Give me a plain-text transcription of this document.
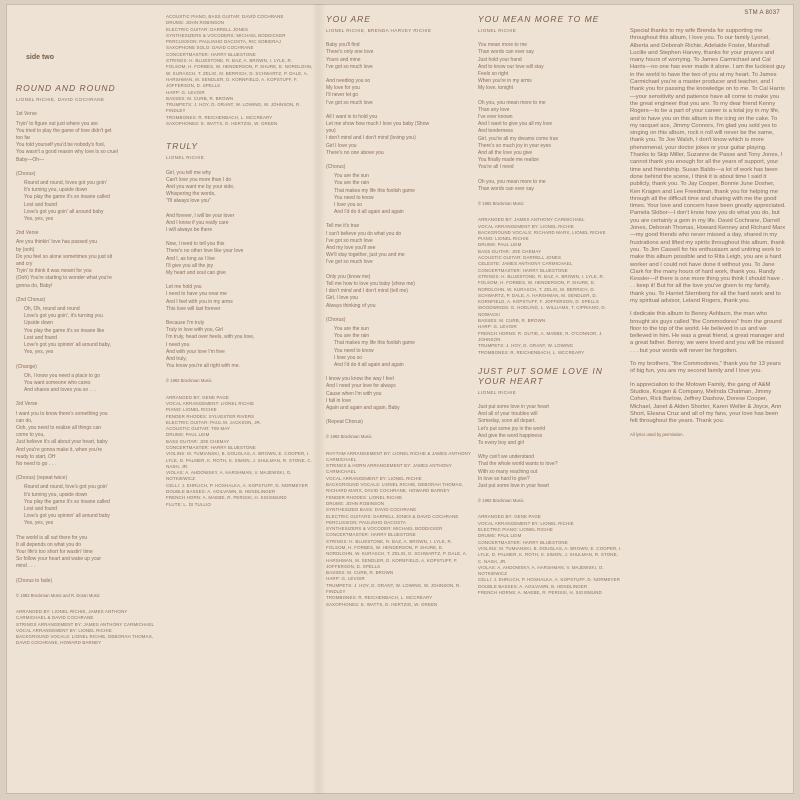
STM A 8037
side two
ROUND AND ROUND
LIONEL RICHIE, DAVID COCHRANE
1st Verse
Tryin' to figure out just where you are
You tried to play the game of love didn't get
too far
You told yourself you'd be nobody's fool,
You wasn't a good reason why love is so cruel
Baby—Oh—
(Chorus)
Round and round, loves got you goin'
It's turning you, upside down
You play the game it's so insane called
Lost and found
Love's got you goin' all around baby
Yes, yes, yes
2nd Verse
Are you thinkin' love has passed you
by (ooh)
Do you feel so alone sometimes you just sit
and cry
Tryin' to think it was meant for you
(Ooh) You're starting to wonder what you're
gonna do, Baby!
(2nd Chorus)
Oh, Oh, round and round
Love's got you goin', it's turning you
Upside down
You play the game it's so insane like
Lost and found
Love's got you spinnin' all around baby,
Yes, yes, yes
(Change)
Oh, I know you need a place to go
You want someone who cares
And shares and loves you so . . .
3rd Verse
I want you to know there's something you
can do,
Ooh, you need to realize all things can
come to you,
Just believe it's all about your heart, baby
And you're gonna make it, when you're
ready to start, OH
No need to go . . .
(Chorus) (repeat twice)
Round and round, love's got you goin'
It's turning you, upside down
You play the game it's so insane called
Lost and found
Love's got you spinnin' all around baby
Yes, yes, yes
The world is all out there for you
It all depends on what you do
Your life's too short for wastin' time
So follow your heart and wake up your
mind . . .
(Chorus to fade)
© 1982 Brockman Music and R. Doran Music
ARRANGED BY: LIONEL RICHIE, JAMES ANTHONY CARMICHAEL & DAVID COCHRANE
STRINGS ARRANGEMENT BY: JAMES ANTHONY CARMICHAEL
VOCAL ARRANGEMENT BY: LIONEL RICHIE
BACKGROUND VOCALS: LIONEL RICHIE, DEBORAH THOMAS, DAVID COCHRANE, HOWARD BARNEY
ACOUSTIC PIANO, BASS GUITAR: DAVID COCHRANE
DRUMS: JOHN ROBINSON
ELECTRIC GUITAR: DARRELL JONES
SYNTHESIZERS & VOCODERS: MICHAEL BODDICKER
PERCUSSION: PAULINHO DACOSTA, RIC SOBIERAJ
SAXOPHONE SOLO: DAVID COCHRANE
CONCERTMASTER: HARRY BLUESTONE
STRINGS: H. BLUESTONE, R. BAZ, A. BROWN, I. LYLE, R. FOLSOM, H. FORBES, W. HENDERSON, P. SHURE, E. NORDLOHN, W. KURASCH, T. ZELIG, M. BERRICH, D. SCHWARTZ, P. DALE, A. HARSHMAN, M. SENDLER, D. KORNFIELD, A. KOPSTUFF, F. JOFFERSON, D. SPELLS
HARP: G. LEVOIR
BASSES: M. CURB, R. BROWN
TRUMPETS: J. HOY, D. GRANT, W. LOWING, W. JOHNSON, R. FINDLEY
TROMBONES: R. REICHENBACH, L. MCCREARY
SAXOPHONES: E. WATTS, D. HERTZIG, W. GREEN
TRULY
LIONEL RICHIE
Girl, you tell me why
Can't love you more than I do
And you want me by your side,
Whispering the words,
"I'll always love you"
And forever, I will be your lover
And I know if you really care
I will always be there
Now, I need to tell you this
There's no other love like your love
And I, as long as I live
I'll give you all the joy
My heart and soul can give
Let me hold you
I need to have you near me
And I feel with you in my arms
This love will last forever
Because I'm truly
Truly in love with you, Girl
I'm truly, head over heels, with you love,
I need you
And with your love I'm free
And truly,
You know you're all right with me.
© 1982 Brockman Music
ARRANGED BY: GENE PAGE
VOCAL ARRANGEMENT: LIONEL RICHIE
PIANO: LIONEL RICHIE
FENDER RHODES: SYLVESTER RIVERS
ELECTRIC GUITAR: PAUL M. JACKSON, JR.
ACOUSTIC GUITAR: TIM MAY
DRUMS: PAUL LEIM
BASS GUITAR: JOE CHEMAY
CONCERTMASTER: HARRY BLUESTONE
VIOLINS: M. TUMIANSKI, B. DOUGLAS, A. BROWN, E. COOPER, I. LYLE, D. PALMER, K. ROTH, S. SIMON, J. SHULMAN, R. STONE, C. NASH, JR.
VIOLAS: A. AHDOWSKY, A. HARSHMAN, V. MAJEWSKI, O. NOTKIEWICZ
CELLI: J. EHRLICH, P. HOSHALKA, A. KOPSTUFF, D. NORMEYER
DOUBLE BASSES: A. AGILVAWN, B. HENDLINGER
FRENCH HORN: A. MAEBE, R. PERISSI, H. SIGISMUND
FLUTE: L. DI TULLIO
YOU ARE
LIONEL RICHIE, BRENDA HARVEY RICHIE
Baby you'll find
There's only one love
Yours and mine
I've got so much love
And needing you so
My love for you
I'll never let go
I've got so much love
All I want is to hold you
Let me show how much I love you baby (Show
you)
I don't mind and I don't mind (loving you)
Girl I love you
There's no one above you
(Chorus)
You are the sun
You are the rain
That makes my life this foolish game
You need to know
I love you so
And I'd do it all again and again
Tell me it's true
I can't believe you do what you do
I've got so much love
And my love you'll see
We'll stay together, just you and me
I've got so much love
Only you (know me)
Tell me how to love you baby (show me)
I don't mind and I don't mind (tell me)
Girl, I love you
Always thinking of you
(Chorus)
You are the sun
You are the rain
That makes my life this foolish game
You need to know
I love you so
And I'd do it all again and again
I know you know the way I feel
And I need your love for always
Cause when I'm with you
I fall in love
Again and again and again, Baby
(Repeat Chorus)
© 1982 Brockman Music
RHYTHM ARRANGEMENT BY: LIONEL RICHIE & JAMES ANTHONY CARMICHAEL
STRINGS & HORN ARRANGEMENT BY: JAMES ANTHONY CARMICHAEL
VOCAL ARRANGEMENT BY: LIONEL RICHIE
BACKGROUND VOCALS: LIONEL RICHIE, DEBORAH THOMAS, RICHARD MARX, DAVID COCHRANE, HOWARD BARNEY
FENDER RHODES: LIONEL RICHIE
DRUMS: JOHN ROBINSON
SYNTHESIZED BASS: DAVID COCHRANE
ELECTRIC GUITARS: DARRELL JONES & DAVID COCHRANE
PERCUSSION: PAULINHO DACOSTA
SYNTHESIZERS & VOCODER: MICHAEL BODDICKER
CONCERTMASTER: HARRY BLUESTONE
STRINGS: H. BLUESTONE, R. BAZ, A. BROWN, I. LYLE, R. FOLSOM, H. FORBES, W. HENDERSON, P. SHURE, E. NORDLOHN, W. KURASCH, T. ZELIG, D. SCHWARTZ, P. DALE, A. HARSHMAN, M. SENDLER, D. KORNFIELD, A. KOPSTUFF, F. JOFFERSON, D. SPELLS
BASSES: M. CURB, R. BROWN
HARP: G. LEVOIR
TRUMPETS: J. HOY, D. GRANT, W. LOWING, W. JOHNSON, R. FINDLEY
TROMBONES: R. REICHENBACH, L. MCCREARY
SAXOPHONES: E. WATTS, D. HERTZIG, W. GREEN
YOU MEAN MORE TO ME
LIONEL RICHIE
You mean more to me
Than words can ever say
Just hold your hand
And to know our love will stay
Feels so right
When you're in my arms
My love, tonight
Oh you, you mean more to me
Than any love
I've ever known
And I want to give you all my love
And tenderness
Girl, you're all my dreams come true
There's so much joy in your eyes
And all the love you give
You finally made me realize
You're all I need
Oh you, you mean more to me
Than words can ever say
© 1982 Brockman Music
ARRANGED BY: JAMES ANTHONY CARMICHAEL
VOCAL ARRANGEMENT BY: LIONEL RICHIE
BACKGROUND VOCALS: RICHARD MARX, LIONEL RICHIE
PIANO: LIONEL RICHIE
DRUMS: PAUL LEIM
BASS GUITAR: JOE CHEMAY
ACOUSTIC GUITAR: DARRELL JONES
CELESTE: JAMES ANTHONY CARMICHAEL
CONCERTMASTER: HARRY BLUESTONE
STRINGS: H. BLUESTONE, R. BAZ, A. BROWN, I. LYLE, R. FOLSOM, H. FORBES, W. HENDERSON, P. SHURE, E. NORDLOHN, W. KURASCH, T. ZELIG, M. BERRICH, D. SCHWARTZ, P. DALE, A. HARSHMAN, M. SENDLER, D. KORNFIELD, A. KOPSTUFF, F. JOFFERSON, D. SPELLS
WOODWINDS: G. HODLING, L. WILLIAMS, T. CIPRIANO, D. NOWACKI
BASSES: M. CURB, R. BROWN
HARP: G. LEVOIR
FRENCH HORNS: R. GUTIE, A. MAEBE, R. O'CONNOR, J. JOHNSON
TRUMPETS: J. HOY, D. GRANT, W. LOWING
TROMBONES: R. REICHENBACH, L. MCCREARY
JUST PUT SOME LOVE IN YOUR HEART
LIONEL RICHIE
Just put some love in your heart
And all of your troubles will
Someday, soon all depart.
Let's put some joy in the world
And give the word happiness
To every boy and girl
Why can't we understand
That the whole world wants to love?
With so many reaching out
In love so hard to give?
Just put some love in your heart
© 1982 Brockman Music
ARRANGED BY: GENE PAGE
VOCAL ARRANGEMENT BY: LIONEL RICHIE
ELECTRIC PIANO: LIONEL RICHIE
DRUMS: PAUL LEIM
CONCERTMASTER: HARRY BLUESTONE
VIOLINS: M. TUMIANSKI, B. DOUGLAS, A. BROWN, E. COOPER, I. LYLE, D. PALMER, K. ROTH, S. SIMON, J. SHULMAN, R. STONE, C. NASH, JR.
VIOLAS: A. AHDOWSKY, A. HARSHMAN, V. MAJEWSKI, O. NOTKIEWICZ
CELLI: J. EHRLICH, P. HOSHALKA, A. KOPSTUFF, D. NORMEYER
DOUBLE BASSES: A. AGILVAWN, B. HENDLINGER
FRENCH HORNS: A. MAEBE, R. PERISSI, H. SIGISMUND

Special thanks to my wife Brenda for supporting me throughout this album, I love you. To our family Lyonel, Alberta and Deborah Richie, Adelaide Foster, Marshall Lucille and Stephen Harvey, thanks for your prayers and many hours of worrying. To James Carmichael and Cal Harris—no one has ever made it alone. I am the luckiest guy in the world to have the two of you at my heart. To James Carmichael you're a master producer and teacher, and I thank you for passing the knowledge on to me. To Cal Harris—your sensitivity and patience have all come to make you the great engineer that you are. To my dear friend Kenny Rogers—to be a part of your career is a total joy in my life, and to have you on this album is the icing on the cake. To my racquet ace, Jimmy Connors, I'm glad you sold yes to singing on this album, rock n roll will never be the same, thank you. To Joe Walsh, I don't know which is more phenomenal, your doctor jokes or your guitar playing. Thanks to Skip Miller, Suzanne de Passe and Tony Jones, I cannot thank you enough for all the years of support, your time and friendship. Susan Baldo—a lot of work has been done behind the scene, I think it is about time I said it publicly, thank you. To Jay Cooper, Bonnie June Dosher, Ken Kragen and Lee Freedman, thank you for helping me through all the difficult time and sharing with me the good times. Your love and concern have been greatly appreciated. Pamela Skibor—I don't know how you do what you do, but you are certainly a gem in my life. David Cochrane, Darrell Jones, Deborah Thomas, Howard Kenney and Richard Marx—my good friends who never missed a day, shared in my frustrations and lifted my spirits throughout this album, thank you. To Jim Cassell for his enthusiasm and untiring work to make this album possible and to Rita Leigh, you are a hard worker and I could not have done it without you. To Jane Clark for the many hours of hard work, thank you. Randy Kessler—if there is one more thing you think I should have . . . keep it! But for all the love you've given to my family, thank you. To Harriet Sternberg for all the hard work and to my spiritual advisor, Leland Rogers, thank you.

I dedicate this album to Benny Ashburn, the man who brought six guys called "the Commodores" from the ground floor to the top of the world. He believed in us and we believed in him. He was a great friend, a great manager and a great father. Benny, we were loved and you will be missed . . . but your words will never be forgotten.

To my brothers, "the Commodores," thank you for 13 years of big fun, you are my second family and I love you.

In appreciation to the Motown Family, the gang of A&M Studios, Kragen & Company, Melinda Chatman, Jimmy Cohen, Rick Barlow, Jeffrey Dashow, Dorese Cooper, Michael, Janet & Alden Shorter, Karen Weller & Joyce, Ann Short, Eleana Cruz and all of my fans, your love has been felt throughout the years. Thank you.

All lyrics used by permission.
